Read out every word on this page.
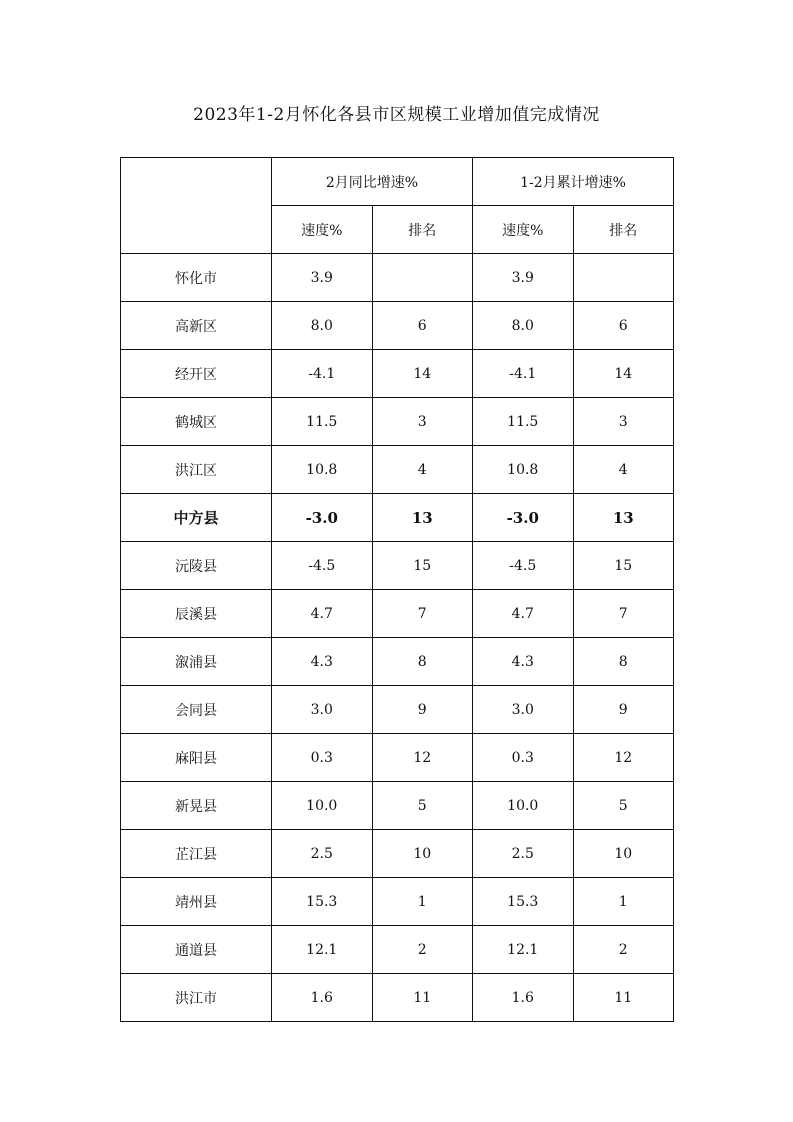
2023年1-2月怀化各县市区规模工业增加值完成情况
	2月同比增速%		1-2月累计增速%	
	速度%	排名	速度%	排名
怀化市	3.9		3.9	
高新区	8.0	6	8.0	6
经开区	-4.1	14	-4.1	14
鹤城区	11.5	3	11.5	3
洪江区	10.8	4	10.8	4
中方县	-3.0	13	-3.0	13
沅陵县	-4.5	15	-4.5	15
辰溪县	4.7	7	4.7	7
溆浦县	4.3	8	4.3	8
会同县	3.0	9	3.0	9
麻阳县	0.3	12	0.3	12
新晃县	10.0	5	10.0	5
芷江县	2.5	10	2.5	10
靖州县	15.3	1	15.3	1
通道县	12.1	2	12.1	2
洪江市	1.6	11	1.6	11
